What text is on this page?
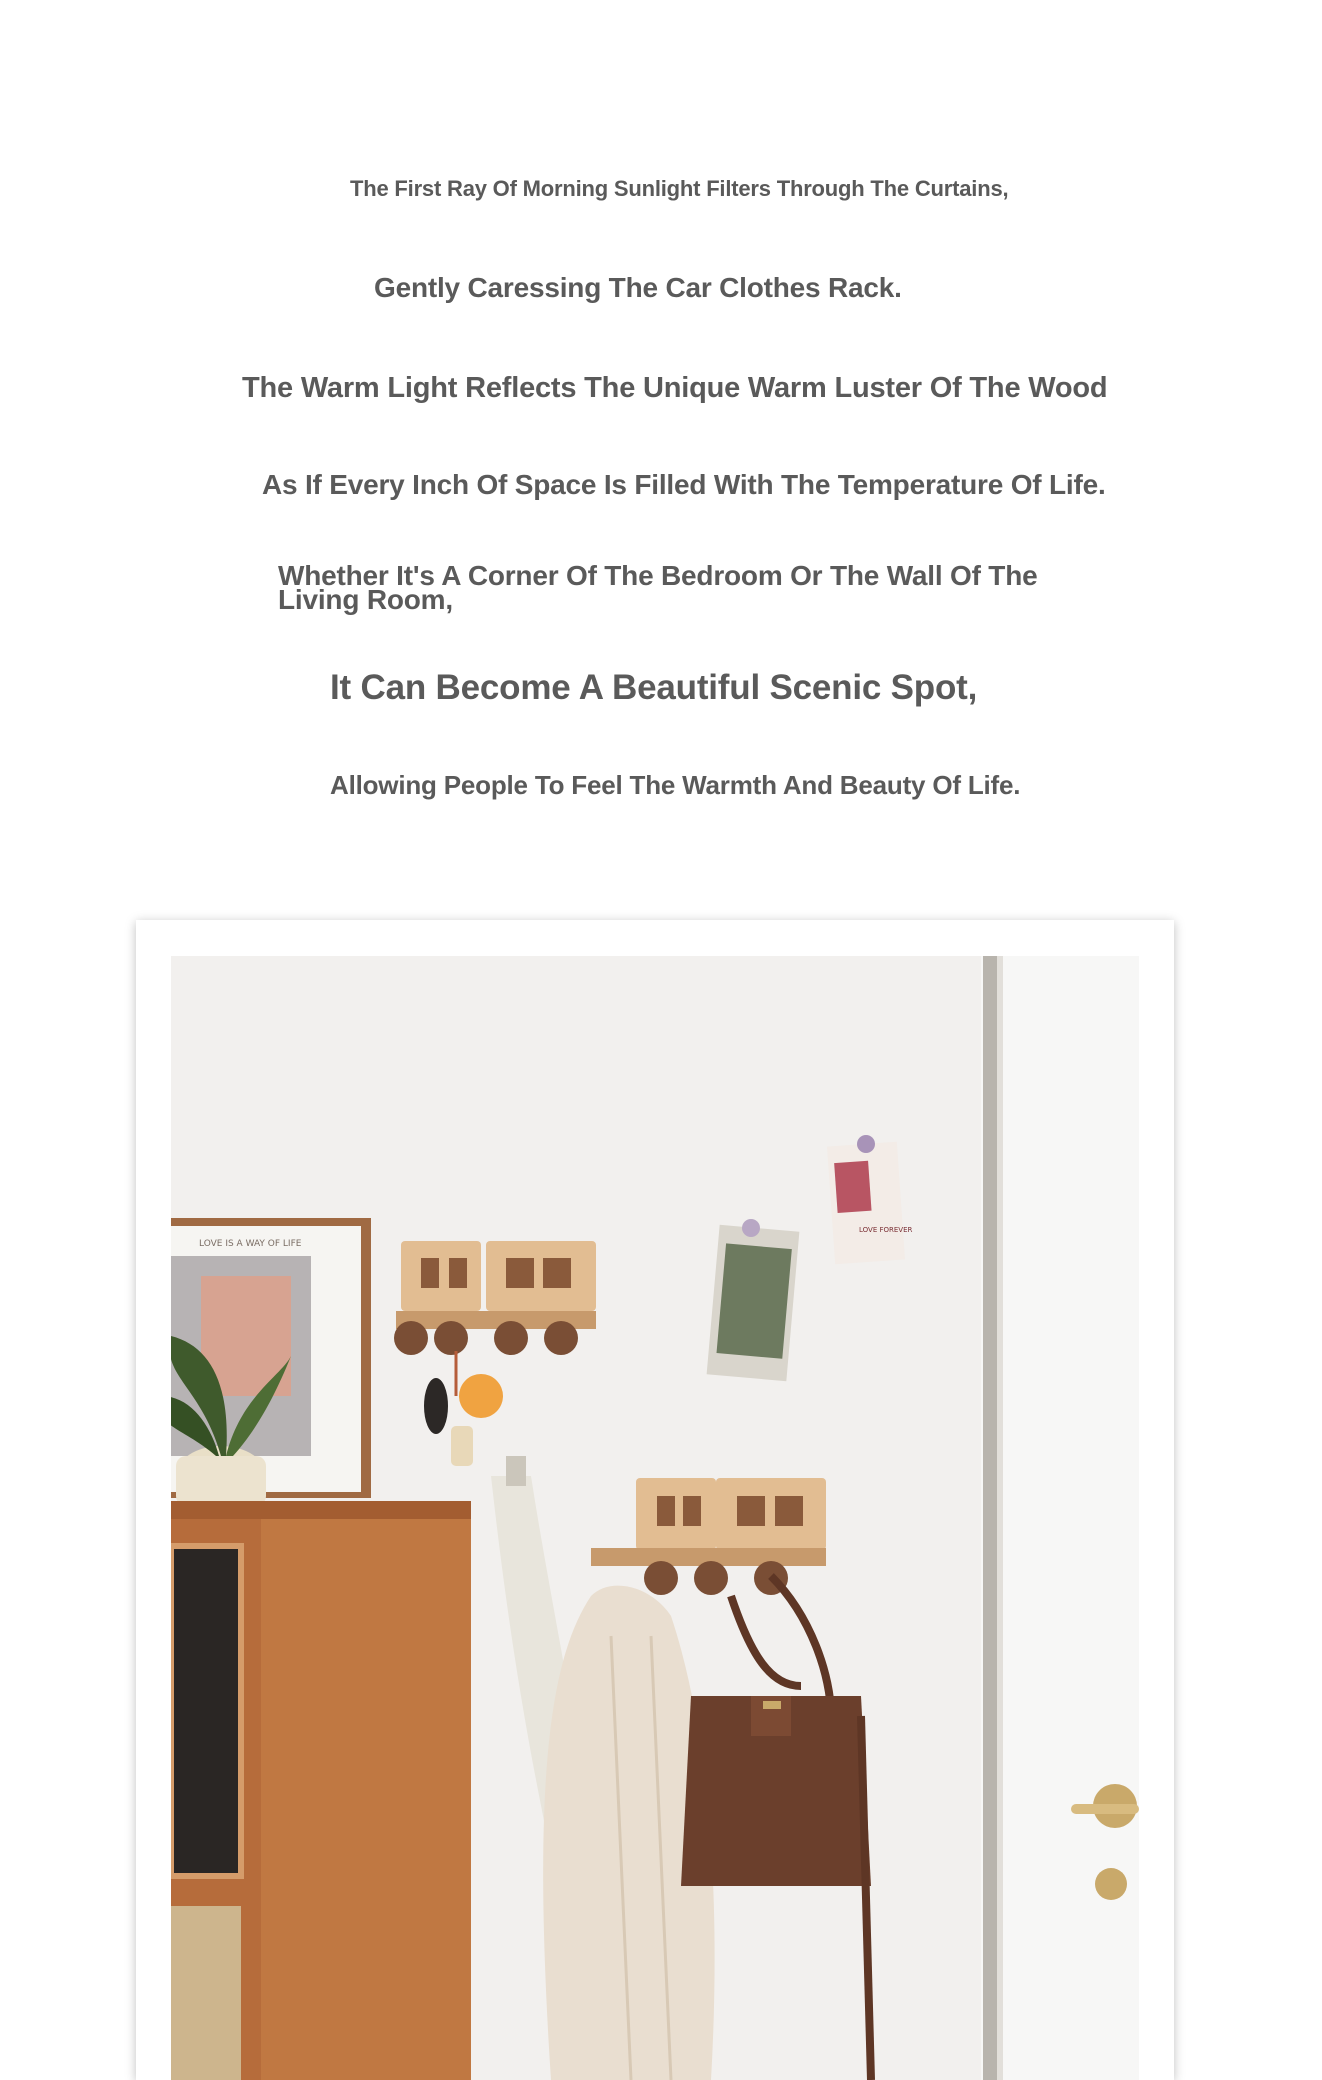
The First Ray Of Morning Sunlight Filters Through The Curtains,
Gently Caressing The Car Clothes Rack.
The Warm Light Reflects The Unique Warm Luster Of The Wood
As If Every Inch Of Space Is Filled With The Temperature Of Life.
Whether It's A Corner Of The Bedroom Or The Wall Of The Living Room,
It Can Become A Beautiful Scenic Spot,
Allowing People To Feel The Warmth And Beauty Of Life.
LOVE IS A WAY OF LIFE
LOVE FOREVER
